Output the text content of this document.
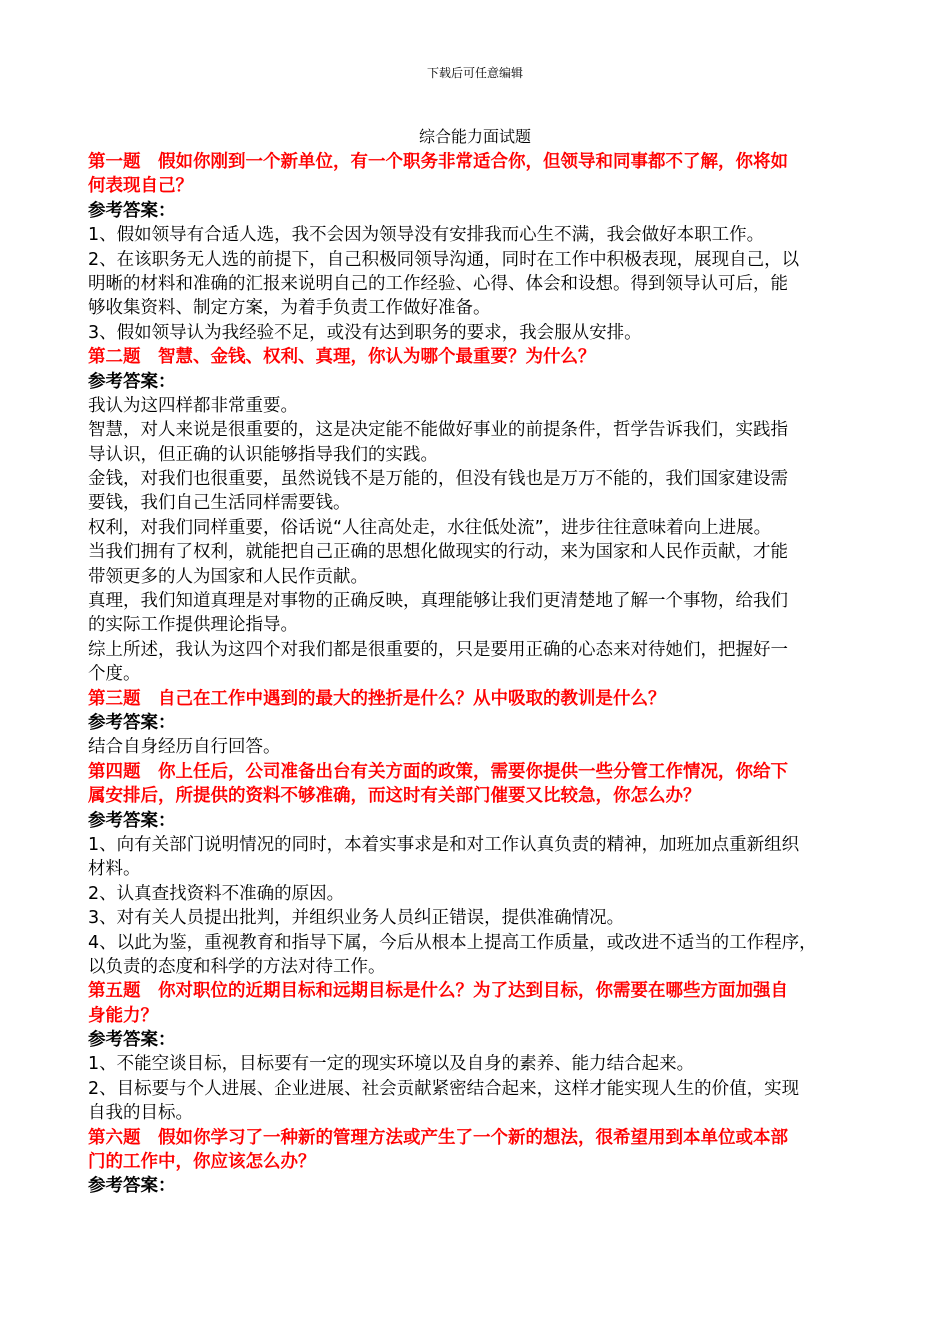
下载后可任意编辑
综合能力面试题
第一题　假如你刚到一个新单位，有一个职务非常适合你，但领导和同事都不了解，你将如
何表现自己？
参考答案：
1、假如领导有合适人选，我不会因为领导没有安排我而心生不满，我会做好本职工作。
2、在该职务无人选的前提下，自己积极同领导沟通，同时在工作中积极表现，展现自己，以
明晰的材料和准确的汇报来说明自己的工作经验、心得、体会和设想。得到领导认可后，能
够收集资料、制定方案，为着手负责工作做好准备。
3、假如领导认为我经验不足，或没有达到职务的要求，我会服从安排。
第二题　智慧、金钱、权利、真理，你认为哪个最重要？为什么？
参考答案：
我认为这四样都非常重要。
智慧，对人来说是很重要的，这是决定能不能做好事业的前提条件，哲学告诉我们，实践指
导认识，但正确的认识能够指导我们的实践。
金钱，对我们也很重要，虽然说钱不是万能的，但没有钱也是万万不能的，我们国家建设需
要钱，我们自己生活同样需要钱。
权利，对我们同样重要，俗话说“人往高处走，水往低处流”，进步往往意味着向上进展。
当我们拥有了权利，就能把自己正确的思想化做现实的行动，来为国家和人民作贡献，才能
带领更多的人为国家和人民作贡献。
真理，我们知道真理是对事物的正确反映，真理能够让我们更清楚地了解一个事物，给我们
的实际工作提供理论指导。
综上所述，我认为这四个对我们都是很重要的，只是要用正确的心态来对待她们，把握好一
个度。
第三题　自己在工作中遇到的最大的挫折是什么？从中吸取的教训是什么？
参考答案：
结合自身经历自行回答。
第四题　你上任后，公司准备出台有关方面的政策，需要你提供一些分管工作情况，你给下
属安排后，所提供的资料不够准确，而这时有关部门催要又比较急，你怎么办？
参考答案：
1、向有关部门说明情况的同时，本着实事求是和对工作认真负责的精神，加班加点重新组织
材料。
2、认真查找资料不准确的原因。
3、对有关人员提出批判，并组织业务人员纠正错误，提供准确情况。
4、以此为鉴，重视教育和指导下属，今后从根本上提高工作质量，或改进不适当的工作程序，
以负责的态度和科学的方法对待工作。
第五题　你对职位的近期目标和远期目标是什么？为了达到目标，你需要在哪些方面加强自
身能力？
参考答案：
1、不能空谈目标，目标要有一定的现实环境以及自身的素养、能力结合起来。
2、目标要与个人进展、企业进展、社会贡献紧密结合起来，这样才能实现人生的价值，实现
自我的目标。
第六题　假如你学习了一种新的管理方法或产生了一个新的想法，很希望用到本单位或本部
门的工作中，你应该怎么办？
参考答案：
